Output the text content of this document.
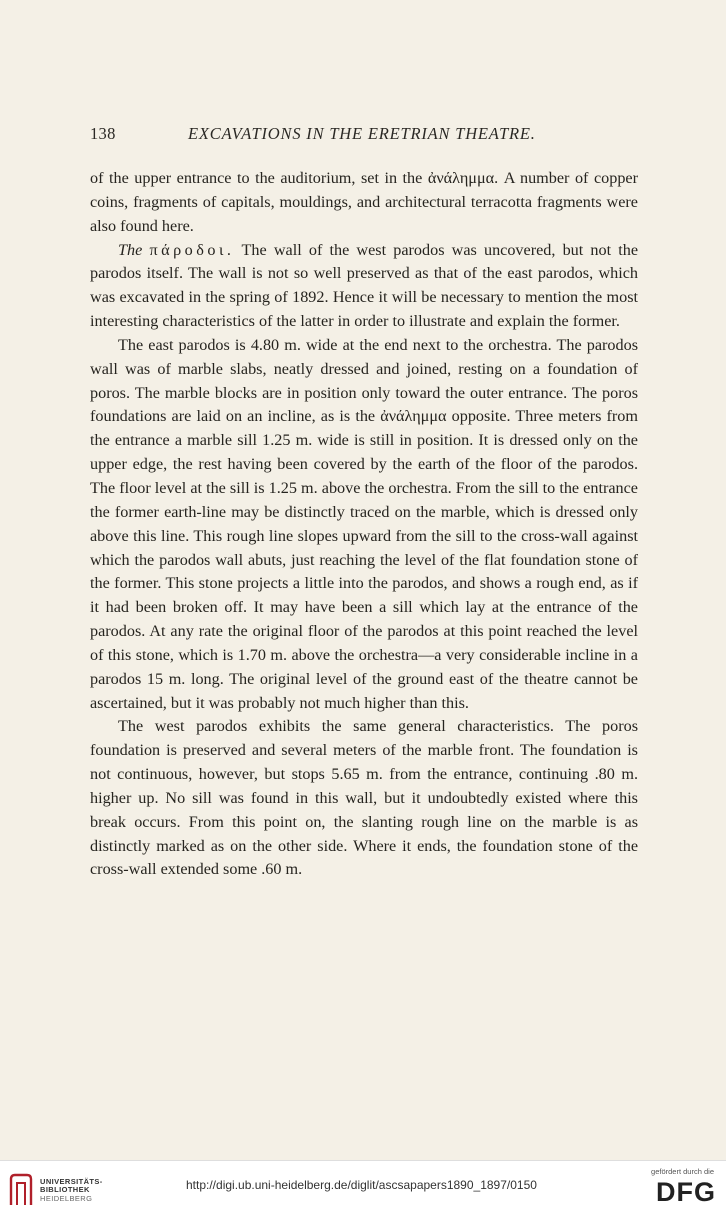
138	EXCAVATIONS IN THE ERETRIAN THEATRE.

of the upper entrance to the auditorium, set in the ἀνάλημμα. A number of copper coins, fragments of capitals, mouldings, and architectural terracotta fragments were also found here.

The πάροδοι. The wall of the west parodos was uncovered, but not the parodos itself. The wall is not so well preserved as that of the east parodos, which was excavated in the spring of 1892. Hence it will be necessary to mention the most interesting characteristics of the latter in order to illustrate and explain the former.

The east parodos is 4.80 m. wide at the end next to the orchestra. The parodos wall was of marble slabs, neatly dressed and joined, resting on a foundation of poros. The marble blocks are in position only toward the outer entrance. The poros foundations are laid on an incline, as is the ἀνάλημμα opposite. Three meters from the entrance a marble sill 1.25 m. wide is still in position. It is dressed only on the upper edge, the rest having been covered by the earth of the floor of the parodos. The floor level at the sill is 1.25 m. above the orchestra. From the sill to the entrance the former earth-line may be distinctly traced on the marble, which is dressed only above this line. This rough line slopes upward from the sill to the cross-wall against which the parodos wall abuts, just reaching the level of the flat foundation stone of the former. This stone projects a little into the parodos, and shows a rough end, as if it had been broken off. It may have been a sill which lay at the entrance of the parodos. At any rate the original floor of the parodos at this point reached the level of this stone, which is 1.70 m. above the orchestra—a very considerable incline in a parodos 15 m. long. The original level of the ground east of the theatre cannot be ascertained, but it was probably not much higher than this.

The west parodos exhibits the same general characteristics. The poros foundation is preserved and several meters of the marble front. The foundation is not continuous, however, but stops 5.65 m. from the entrance, continuing .80 m. higher up. No sill was found in this wall, but it undoubtedly existed where this break occurs. From this point on, the slanting rough line on the marble is as distinctly marked as on the other side. Where it ends, the foundation stone of the cross-wall extended some .60 m.

UNIVERSITÄTS-
BIBLIOTHEK
HEIDELBERG
http://digi.ub.uni-heidelberg.de/diglit/ascsapapers1890_1897/0150
gefördert durch die
DFG
